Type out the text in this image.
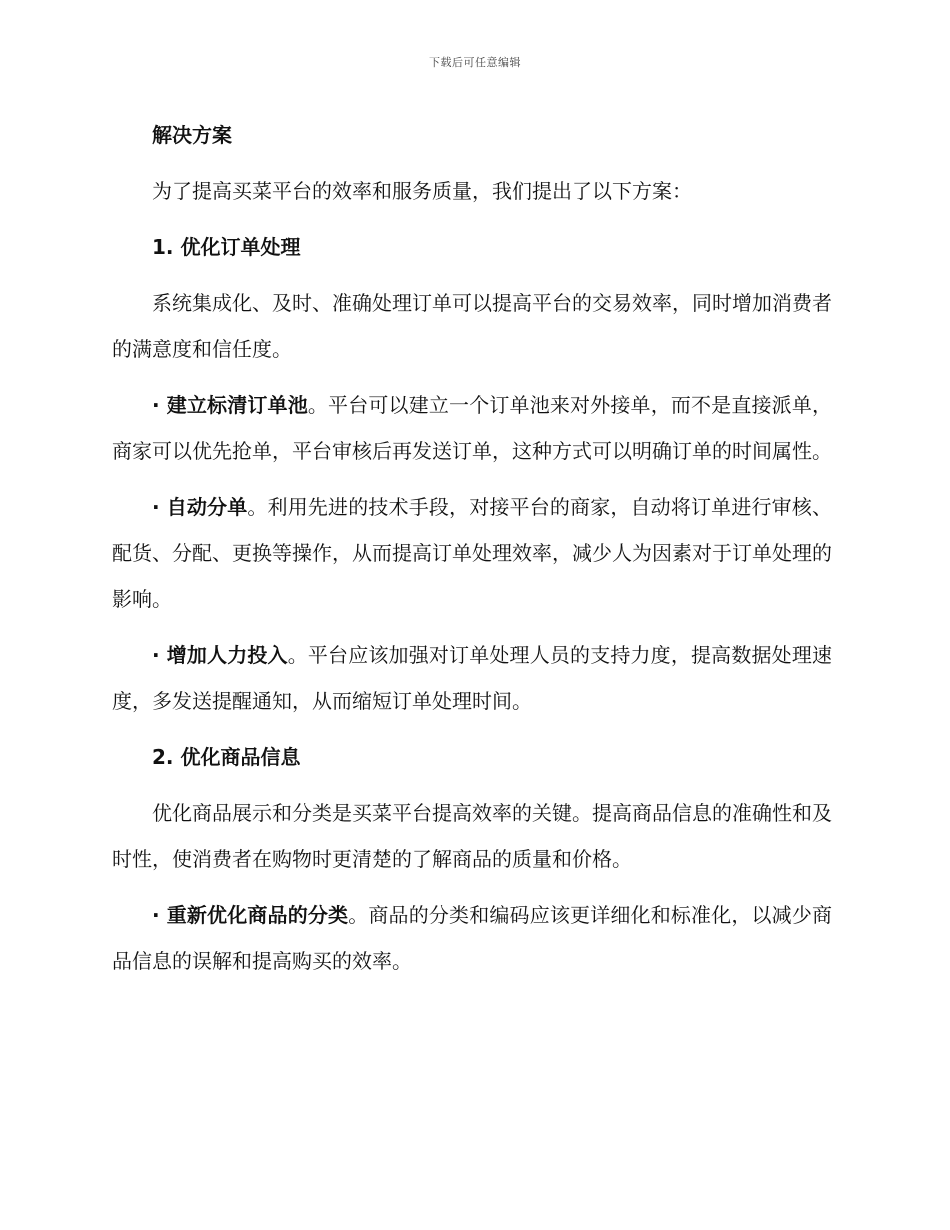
下载后可任意编辑

解决方案

为了提高买菜平台的效率和服务质量，我们提出了以下方案：

1. 优化订单处理

系统集成化、及时、准确处理订单可以提高平台的交易效率，同时增加消费者的满意度和信任度。

· 建立标清订单池。平台可以建立一个订单池来对外接单，而不是直接派单，商家可以优先抢单，平台审核后再发送订单，这种方式可以明确订单的时间属性。

· 自动分单。利用先进的技术手段，对接平台的商家，自动将订单进行审核、配货、分配、更换等操作，从而提高订单处理效率，减少人为因素对于订单处理的影响。

· 增加人力投入。平台应该加强对订单处理人员的支持力度，提高数据处理速度，多发送提醒通知，从而缩短订单处理时间。

2. 优化商品信息

优化商品展示和分类是买菜平台提高效率的关键。提高商品信息的准确性和及时性，使消费者在购物时更清楚的了解商品的质量和价格。

· 重新优化商品的分类。商品的分类和编码应该更详细化和标准化，以减少商品信息的误解和提高购买的效率。
